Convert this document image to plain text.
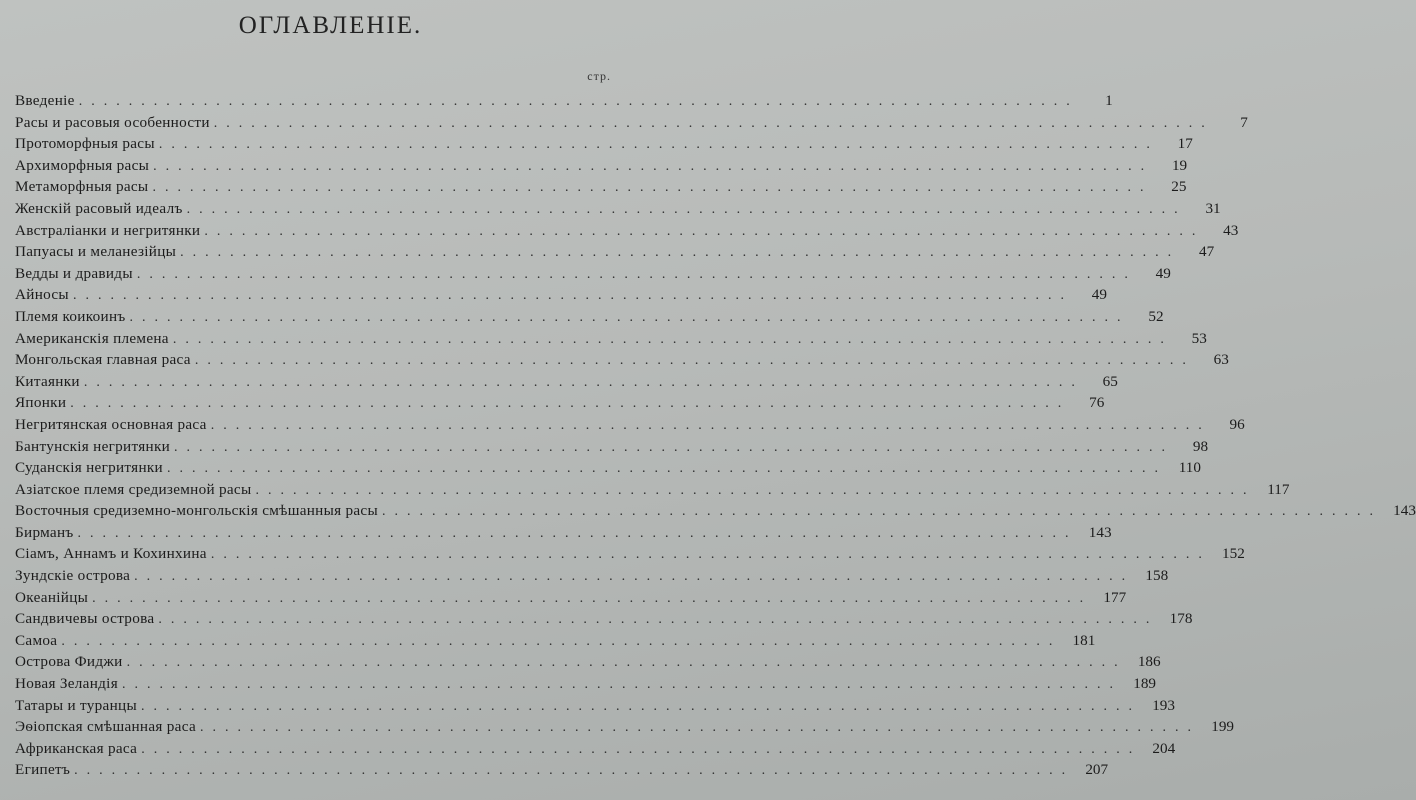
ОГЛАВЛЕНIЕ.
стр.
Введенiе ................................................................................	1
Расы и расовыя особенности ................................................................................	7
Протоморфныя расы ................................................................................	17
Архиморфныя расы ................................................................................	19
Метаморфныя расы ................................................................................	25
Женскiй расовый идеалъ ................................................................................	31
Австралiанки и негритянки ................................................................................	43
Папуасы и меланезiйцы ................................................................................	47
Ведды и дравиды ................................................................................	49
Айносы ................................................................................	49
Племя коикоинъ ................................................................................	52
Американскiя племена ................................................................................	53
Монгольская главная раса ................................................................................	63
Китаянки ................................................................................	65
Японки ................................................................................	76
Негритянская основная раса ................................................................................	96
Бантунскiя негритянки ................................................................................	98
Суданскiя негритянки ................................................................................ 110
Азiатское племя средиземной расы ................................................................................ 117
Восточныя средиземно-монгольскiя смѣшанныя расы ................................................................................ 143
Бирманъ ................................................................................ 143
Сiамъ, Аннамъ и Кохинхина ................................................................................ 152
Зундскiе острова ................................................................................ 158
Океанiйцы ................................................................................ 177
Сандвичевы острова ................................................................................ 178
Самоа ................................................................................ 181
Острова Фиджи ................................................................................ 186
Новая Зеландiя ................................................................................ 189
Татары и туранцы ................................................................................ 193
Эѳiопская смѣшанная раса ................................................................................ 199
Африканская раса ................................................................................ 204
Египетъ ................................................................................ 207
